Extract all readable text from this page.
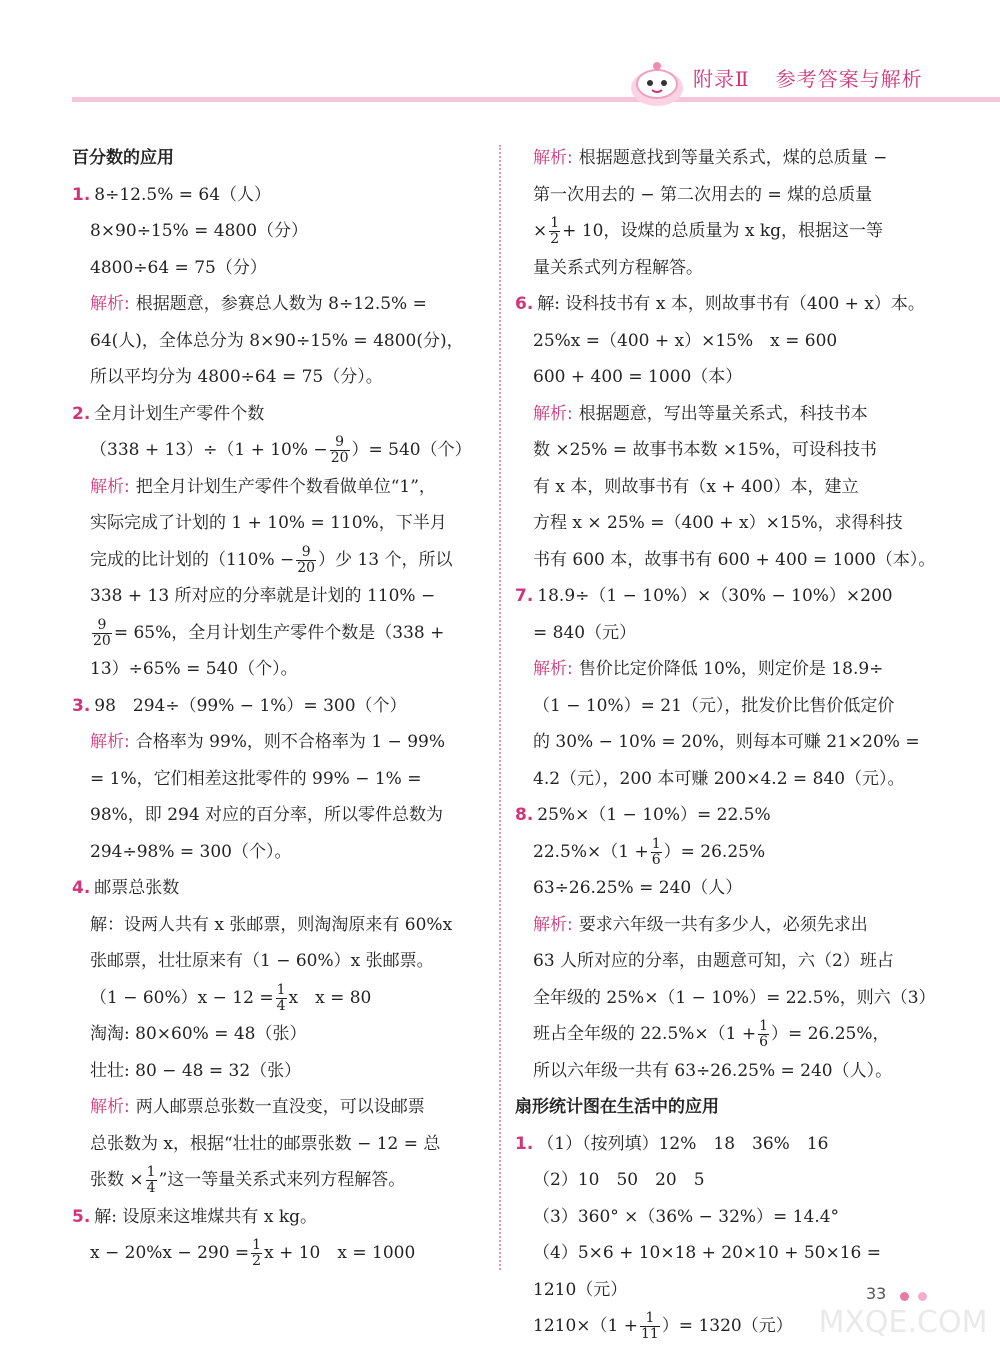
附录Ⅱ 参考答案与解析
百分数的应用
1. 8÷12.5% = 64（人）
8×90÷15% = 4800（分）
4800÷64 = 75（分）
解析: 根据题意，参赛总人数为 8÷12.5% =
64(人)，全体总分为 8×90÷15% = 4800(分)，
所以平均分为 4800÷64 = 75（分）。
2. 全月计划生产零件个数
$(338 + 13)\div(1 + 10\% - \frac{9}{20}$ ）= 540（个）
解析: 把全月计划生产零件个数看做单位“1”，
实际完成了计划的 1 + 10% = 110%，下半月
完成的比计划的（$110\% - \frac{9}{20}$ ）少 13 个，所以
338 + 13 所对应的分率就是计划的 110% −
$\frac{9}{20} = 65\%$，全月计划生产零件个数是（338 +
13）÷65% = 540（个）。
3. 98　294÷（99% − 1%）= 300（个）
解析: 合格率为 99%，则不合格率为 1 − 99%
= 1%，它们相差这批零件的 99% − 1% =
98%，即 294 对应的百分率，所以零件总数为
294÷98% = 300（个）。
4. 邮票总张数
解：设两人共有 x 张邮票，则淘淘原来有 60%x
张邮票，壮壮原来有（1 − 60%）x 张邮票。
$(1 - 60\%)x - 12 = \frac{1}{4}$ x　x = 80
淘淘: 80×60% = 48（张）
壮壮: 80 − 48 = 32（张）
解析: 两人邮票总张数一直没变，可以设邮票
总张数为 x，根据“壮壮的邮票张数 − 12 = 总
张数 × $\frac{1}{4}$ ”这一等量关系式来列方程解答。
5. 解: 设原来这堆煤共有 x kg。
$x - 20\%x - 290 = \frac{1}{2}$ x + 10　x = 1000
解析: 根据题意找到等量关系式，煤的总质量 −
第一次用去的 − 第二次用去的 = 煤的总质量
× $\frac{1}{2} + 10$，设煤的总质量为 x kg，根据这一等
量关系式列方程解答。
6. 解: 设科技书有 x 本，则故事书有（400 + x）本。
25%x =（400 + x）×15%　x = 600
600 + 400 = 1000（本）
解析: 根据题意，写出等量关系式，科技书本
数 ×25% = 故事书本数 ×15%，可设科技书
有 x 本，则故事书有（x + 400）本，建立
方程 x × 25% =（400 + x）×15%，求得科技
书有 600 本，故事书有 600 + 400 = 1000（本）。
7. 18.9÷（1 − 10%）×（30% − 10%）×200
= 840（元）
解析: 售价比定价降低 10%，则定价是 18.9÷
（1 − 10%）= 21（元），批发价比售价低定价
的 30% − 10% = 20%，则每本可赚 21×20% =
4.2（元），200 本可赚 200×4.2 = 840（元）。
8. 25%×（1 − 10%）= 22.5%
$22.5\%\times(1 + \frac{1}{6}$ ）= 26.25%
63÷26.25% = 240（人）
解析: 要求六年级一共有多少人，必须先求出
63 人所对应的分率，由题意可知，六（2）班占
全年级的 25%×（1 − 10%）= 22.5%，则六（3）
班占全年级的 $22.5\%\times(1 + \frac{1}{6}$ ）= 26.25%，
所以六年级一共有 63÷26.25% = 240（人）。
扇形统计图在生活中的应用
1. （1）（按列填）12%　18　36%　16
（2）10　50　20　5
（3）360° ×（36% − 32%）= 14.4°
（4）5×6 + 10×18 + 20×10 + 50×16 =
1210（元）
$1210\times(1 + \frac{1}{11}$ ）= 1320（元）
33
MXQE.COM
